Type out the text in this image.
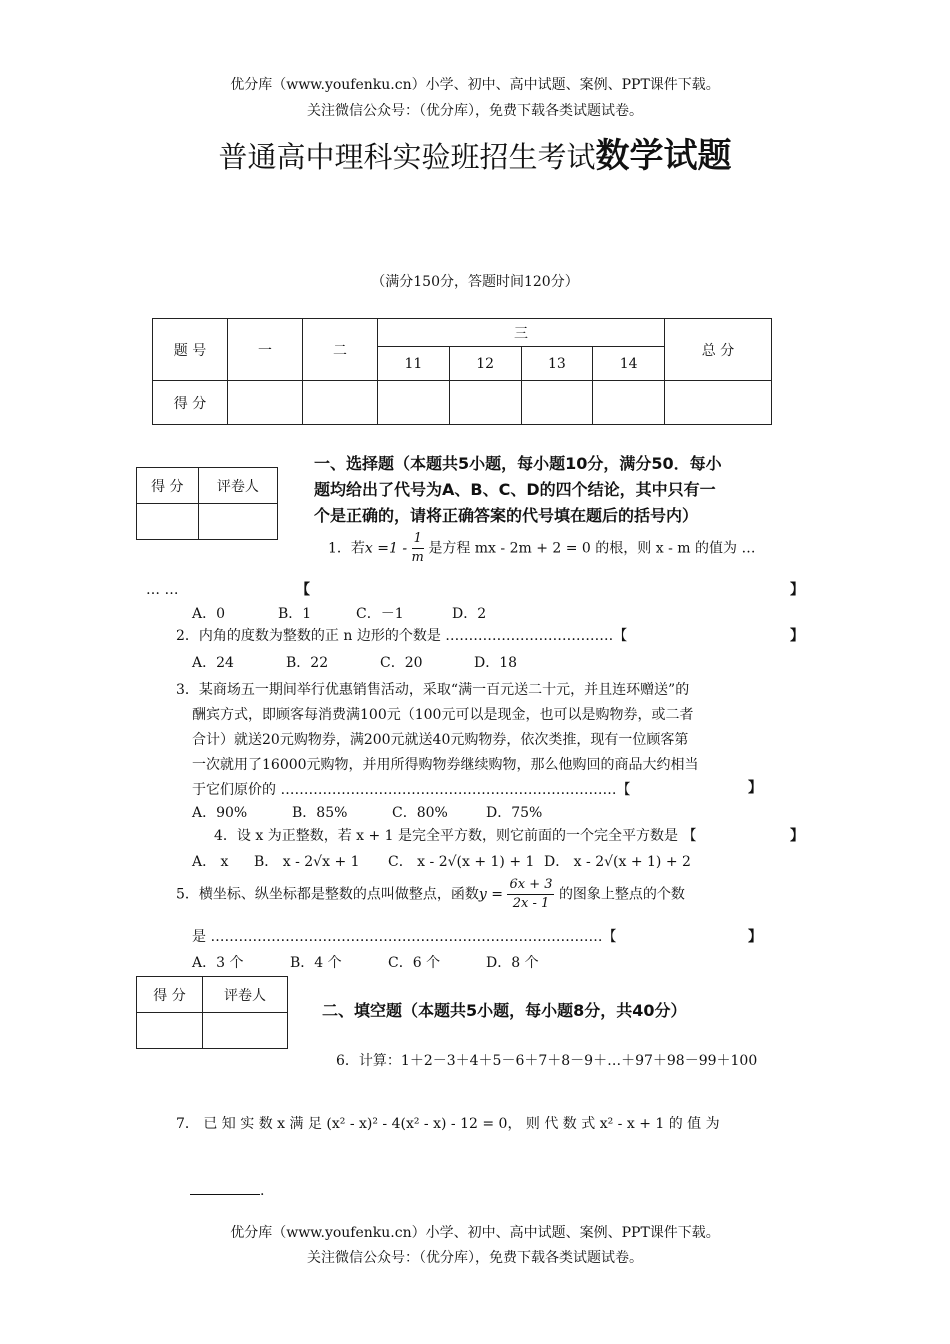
优分库（www.youfenku.cn）小学、初中、高中试题、案例、PPT课件下载。
关注微信公众号：（优分库），免费下载各类试题试卷。
普通高中理科实验班招生考试数学试题
（满分150分，答题时间120分）
题 号	一	二	三				总 分
			11	12	13	14	
得 分							
得 分	评卷人

一、选择题（本题共5小题，每小题10分，满分50．每小
题均给出了代号为A、B、C、D的四个结论，其中只有一
个是正确的，请将正确答案的代号填在题后的括号内）
1．若$x =1 - \frac{1}{m}$ 是方程 mx - 2m + 2 = 0 的根，则 x - m 的值为 …
… …	【	】
A．0	B．1	C．－1	D．2
2．内角的度数为整数的正 n 边形的个数是 ………………………………【	】
A．24	B．22	C．20	D．18
3．某商场五一期间举行优惠销售活动，采取“满一百元送二十元，并且连环赠送”的
酬宾方式，即顾客每消费满100元（100元可以是现金，也可以是购物券，或二者
合计）就送20元购物券，满200元就送40元购物券，依次类推，现有一位顾客第
一次就用了16000元购物，并用所得购物券继续购物，那么他购回的商品大约相当
于它们原价的 ………………………………………………………………【	】
A．90%	B．85%	C．80%	D．75%
4．设 x 为正整数，若 x + 1 是完全平方数，则它前面的一个完全平方数是 【	】
A． x B． x - 2√x + 1 C． x - 2√(x + 1) + 1 D． x - 2√(x + 1) + 2
5．横坐标、纵坐标都是整数的点叫做整点，函数$y = \frac{6x + 3}{2x - 1}$ 的图象上整点的个数
是 …………………………………………………………………………【	】
A．3 个	B．4 个	C．6 个	D．8 个
得 分	评卷人

二、填空题（本题共5小题，每小题8分，共40分）
6．计算：1＋2－3＋4＋5－6＋7＋8－9＋…＋97＋98－99＋100
7． 已 知 实 数 x 满 足 (x² - x)² - 4(x² - x) - 12 = 0， 则 代 数 式 x² - x + 1 的 值 为
.
优分库（www.youfenku.cn）小学、初中、高中试题、案例、PPT课件下载。
关注微信公众号：（优分库），免费下载各类试题试卷。
